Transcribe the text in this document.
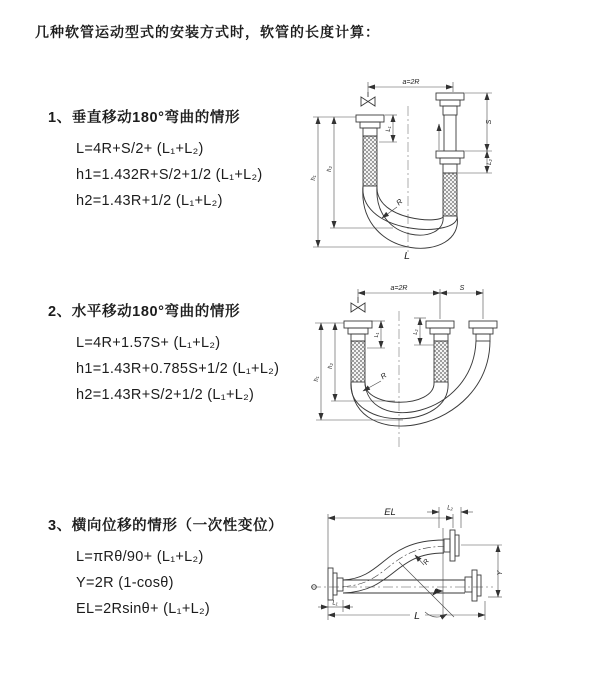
几种软管运动型式的安装方式时，软管的长度计算：
1、垂直移动180°弯曲的情形
L=4R+S/2+ (L₁+L₂)
h1=1.432R+S/2+1/2 (L₁+L₂)
h2=1.43R+1/2 (L₁+L₂)
2、水平移动180°弯曲的情形
L=4R+1.57S+ (L₁+L₂)
h1=1.43R+0.785S+1/2 (L₁+L₂)
h2=1.43R+S/2+1/2 (L₁+L₂)
3、横向位移的情形（一次性变位）
L=πRθ/90+ (L₁+L₂)
Y=2R (1-cosθ)
EL=2Rsinθ+ (L₁+L₂)
a=2R
L₁
h₁
h₂
R
L
S
L₂
a=2R	S
L₁
L₂
h₁
h₂
R
EL	L₂
Y
R
θ
L
L₁
